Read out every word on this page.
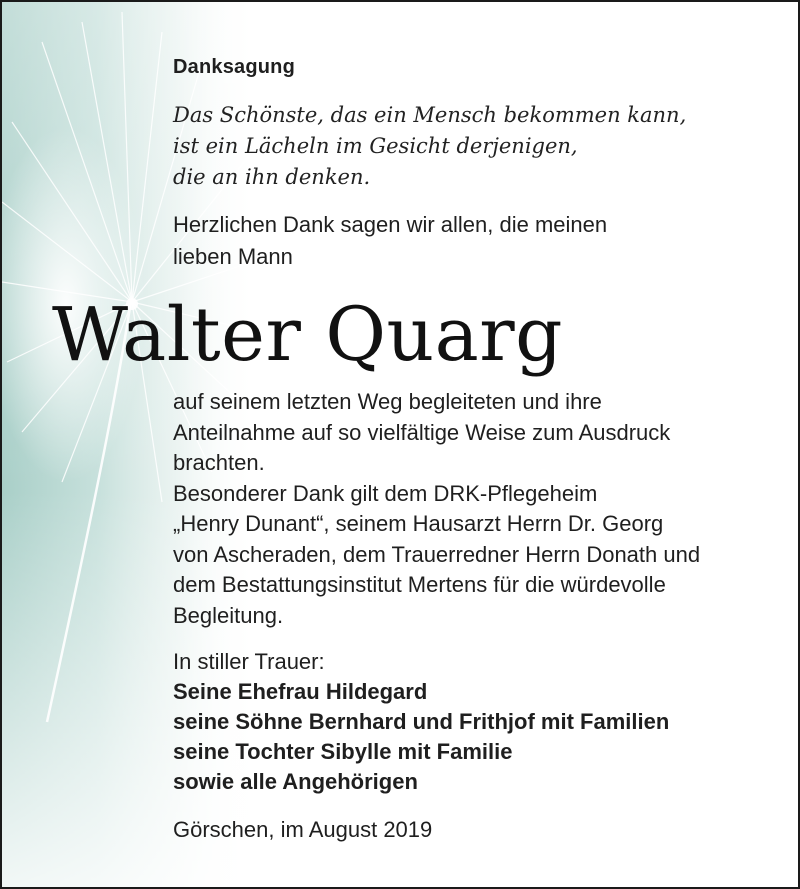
Danksagung
Das Schönste, das ein Mensch bekommen kann,
ist ein Lächeln im Gesicht derjenigen,
die an ihn denken.
Herzlichen Dank sagen wir allen, die meinen
lieben Mann
auf seinem letzten Weg begleiteten und ihre
Anteilnahme auf so vielfältige Weise zum Ausdruck
brachten.
Besonderer Dank gilt dem DRK-Pflegeheim
„Henry Dunant“, seinem Hausarzt Herrn Dr. Georg
von Ascheraden, dem Trauerredner Herrn Donath und
dem Bestattungsinstitut Mertens für die würdevolle
Begleitung.
In stiller Trauer:
Seine Ehefrau Hildegard
seine Söhne Bernhard und Frithjof mit Familien
seine Tochter Sibylle mit Familie
sowie alle Angehörigen
Görschen, im August 2019
Walter Quarg
